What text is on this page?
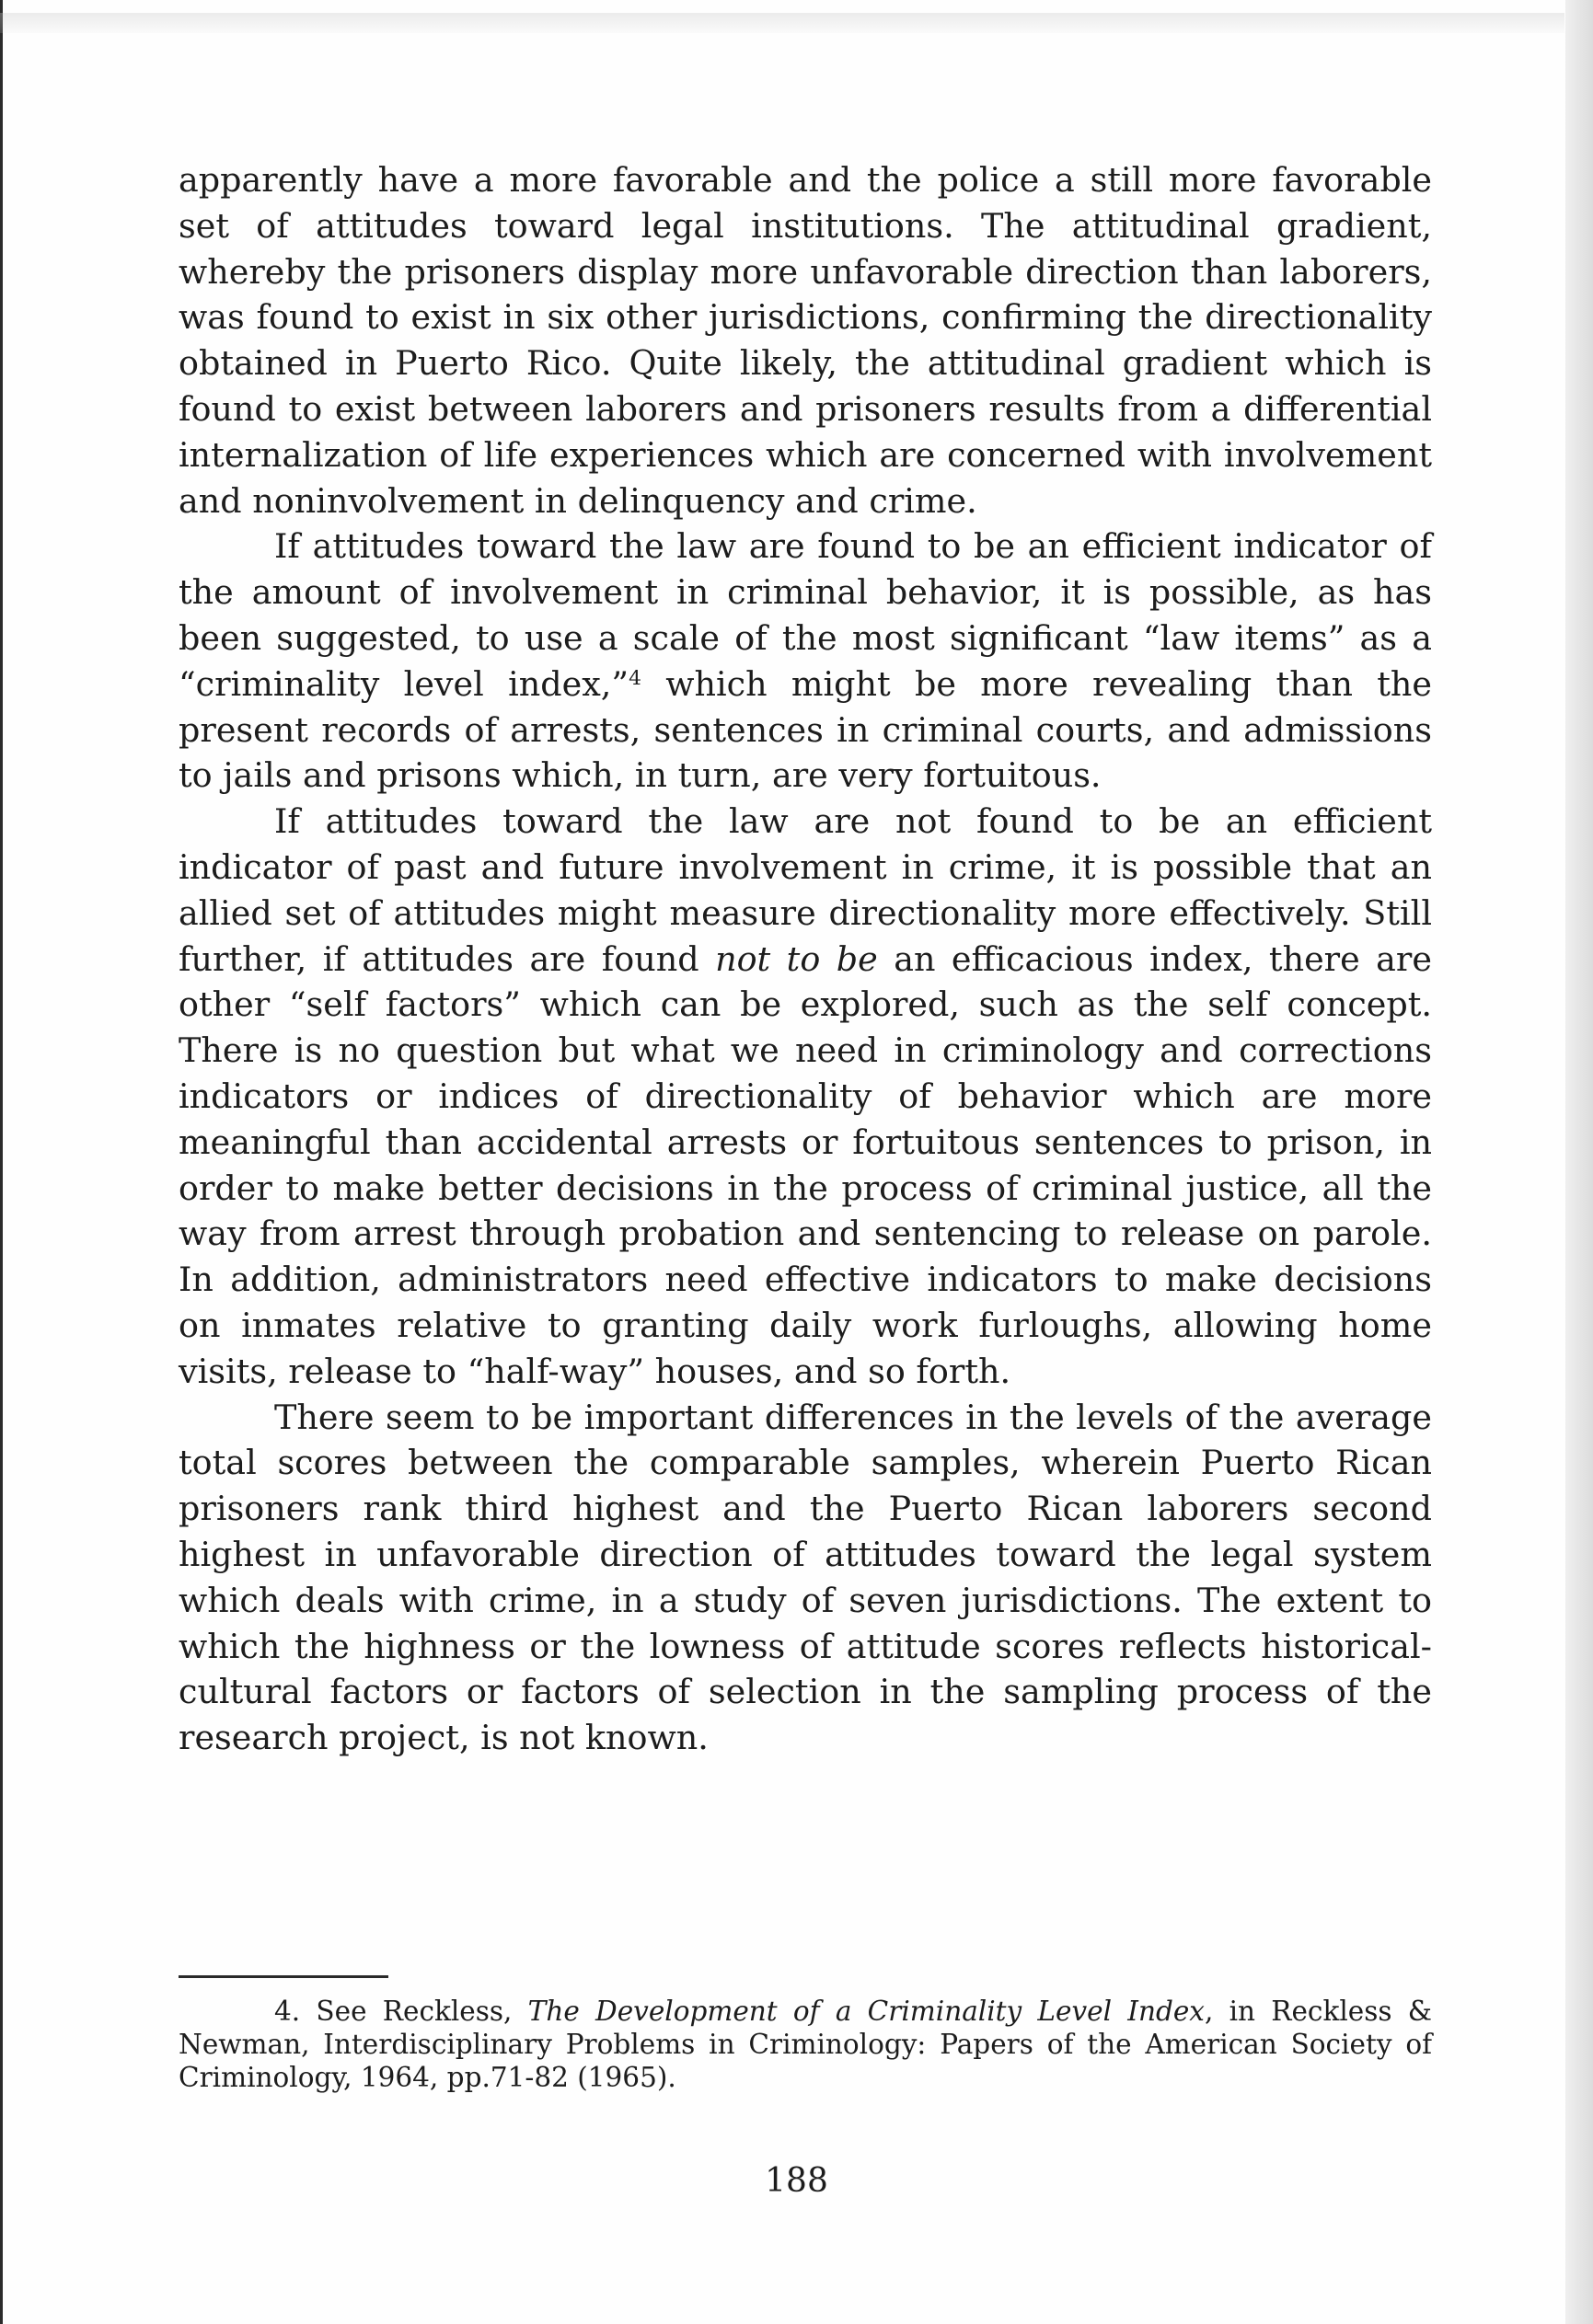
apparently have a more favorable and the police a still more favorable set of attitudes toward legal institutions. The attitudinal gradient, whereby the prisoners display more unfavorable direction than laborers, was found to exist in six other jurisdictions, confirming the directionality obtained in Puerto Rico. Quite likely, the attitudinal gradient which is found to exist between laborers and prisoners results from a differential internalization of life experiences which are concerned with involvement and noninvolvement in delinquency and crime.

If attitudes toward the law are found to be an efficient indicator of the amount of involvement in criminal behavior, it is possible, as has been suggested, to use a scale of the most significant “law items” as a “criminality level index,”$^4$ which might be more revealing than the present records of arrests, sentences in criminal courts, and admissions to jails and prisons which, in turn, are very fortuitous.

If attitudes toward the law are not found to be an efficient indicator of past and future involvement in crime, it is possible that an allied set of attitudes might measure directionality more effectively. Still further, if attitudes are found not to be an efficacious index, there are other “self factors” which can be explored, such as the self concept. There is no question but what we need in criminology and corrections indicators or indices of directionality of behavior which are more meaningful than accidental arrests or fortuitous sentences to prison, in order to make better decisions in the process of criminal justice, all the way from arrest through probation and sentencing to release on parole. In addition, administrators need effective indicators to make decisions on inmates relative to granting daily work furloughs, allowing home visits, release to “half-way” houses, and so forth.

There seem to be important differences in the levels of the average total scores between the comparable samples, wherein Puerto Rican prisoners rank third highest and the Puerto Rican laborers second highest in unfavorable direction of attitudes toward the legal system which deals with crime, in a study of seven jurisdictions. The extent to which the highness or the lowness of attitude scores reflects historical-cultural factors or factors of selection in the sampling process of the research project, is not known.

4. See Reckless, The Development of a Criminality Level Index, in Reckless & Newman, Interdisciplinary Problems in Criminology: Papers of the American Society of Criminology, 1964, pp.71-82 (1965).

188
